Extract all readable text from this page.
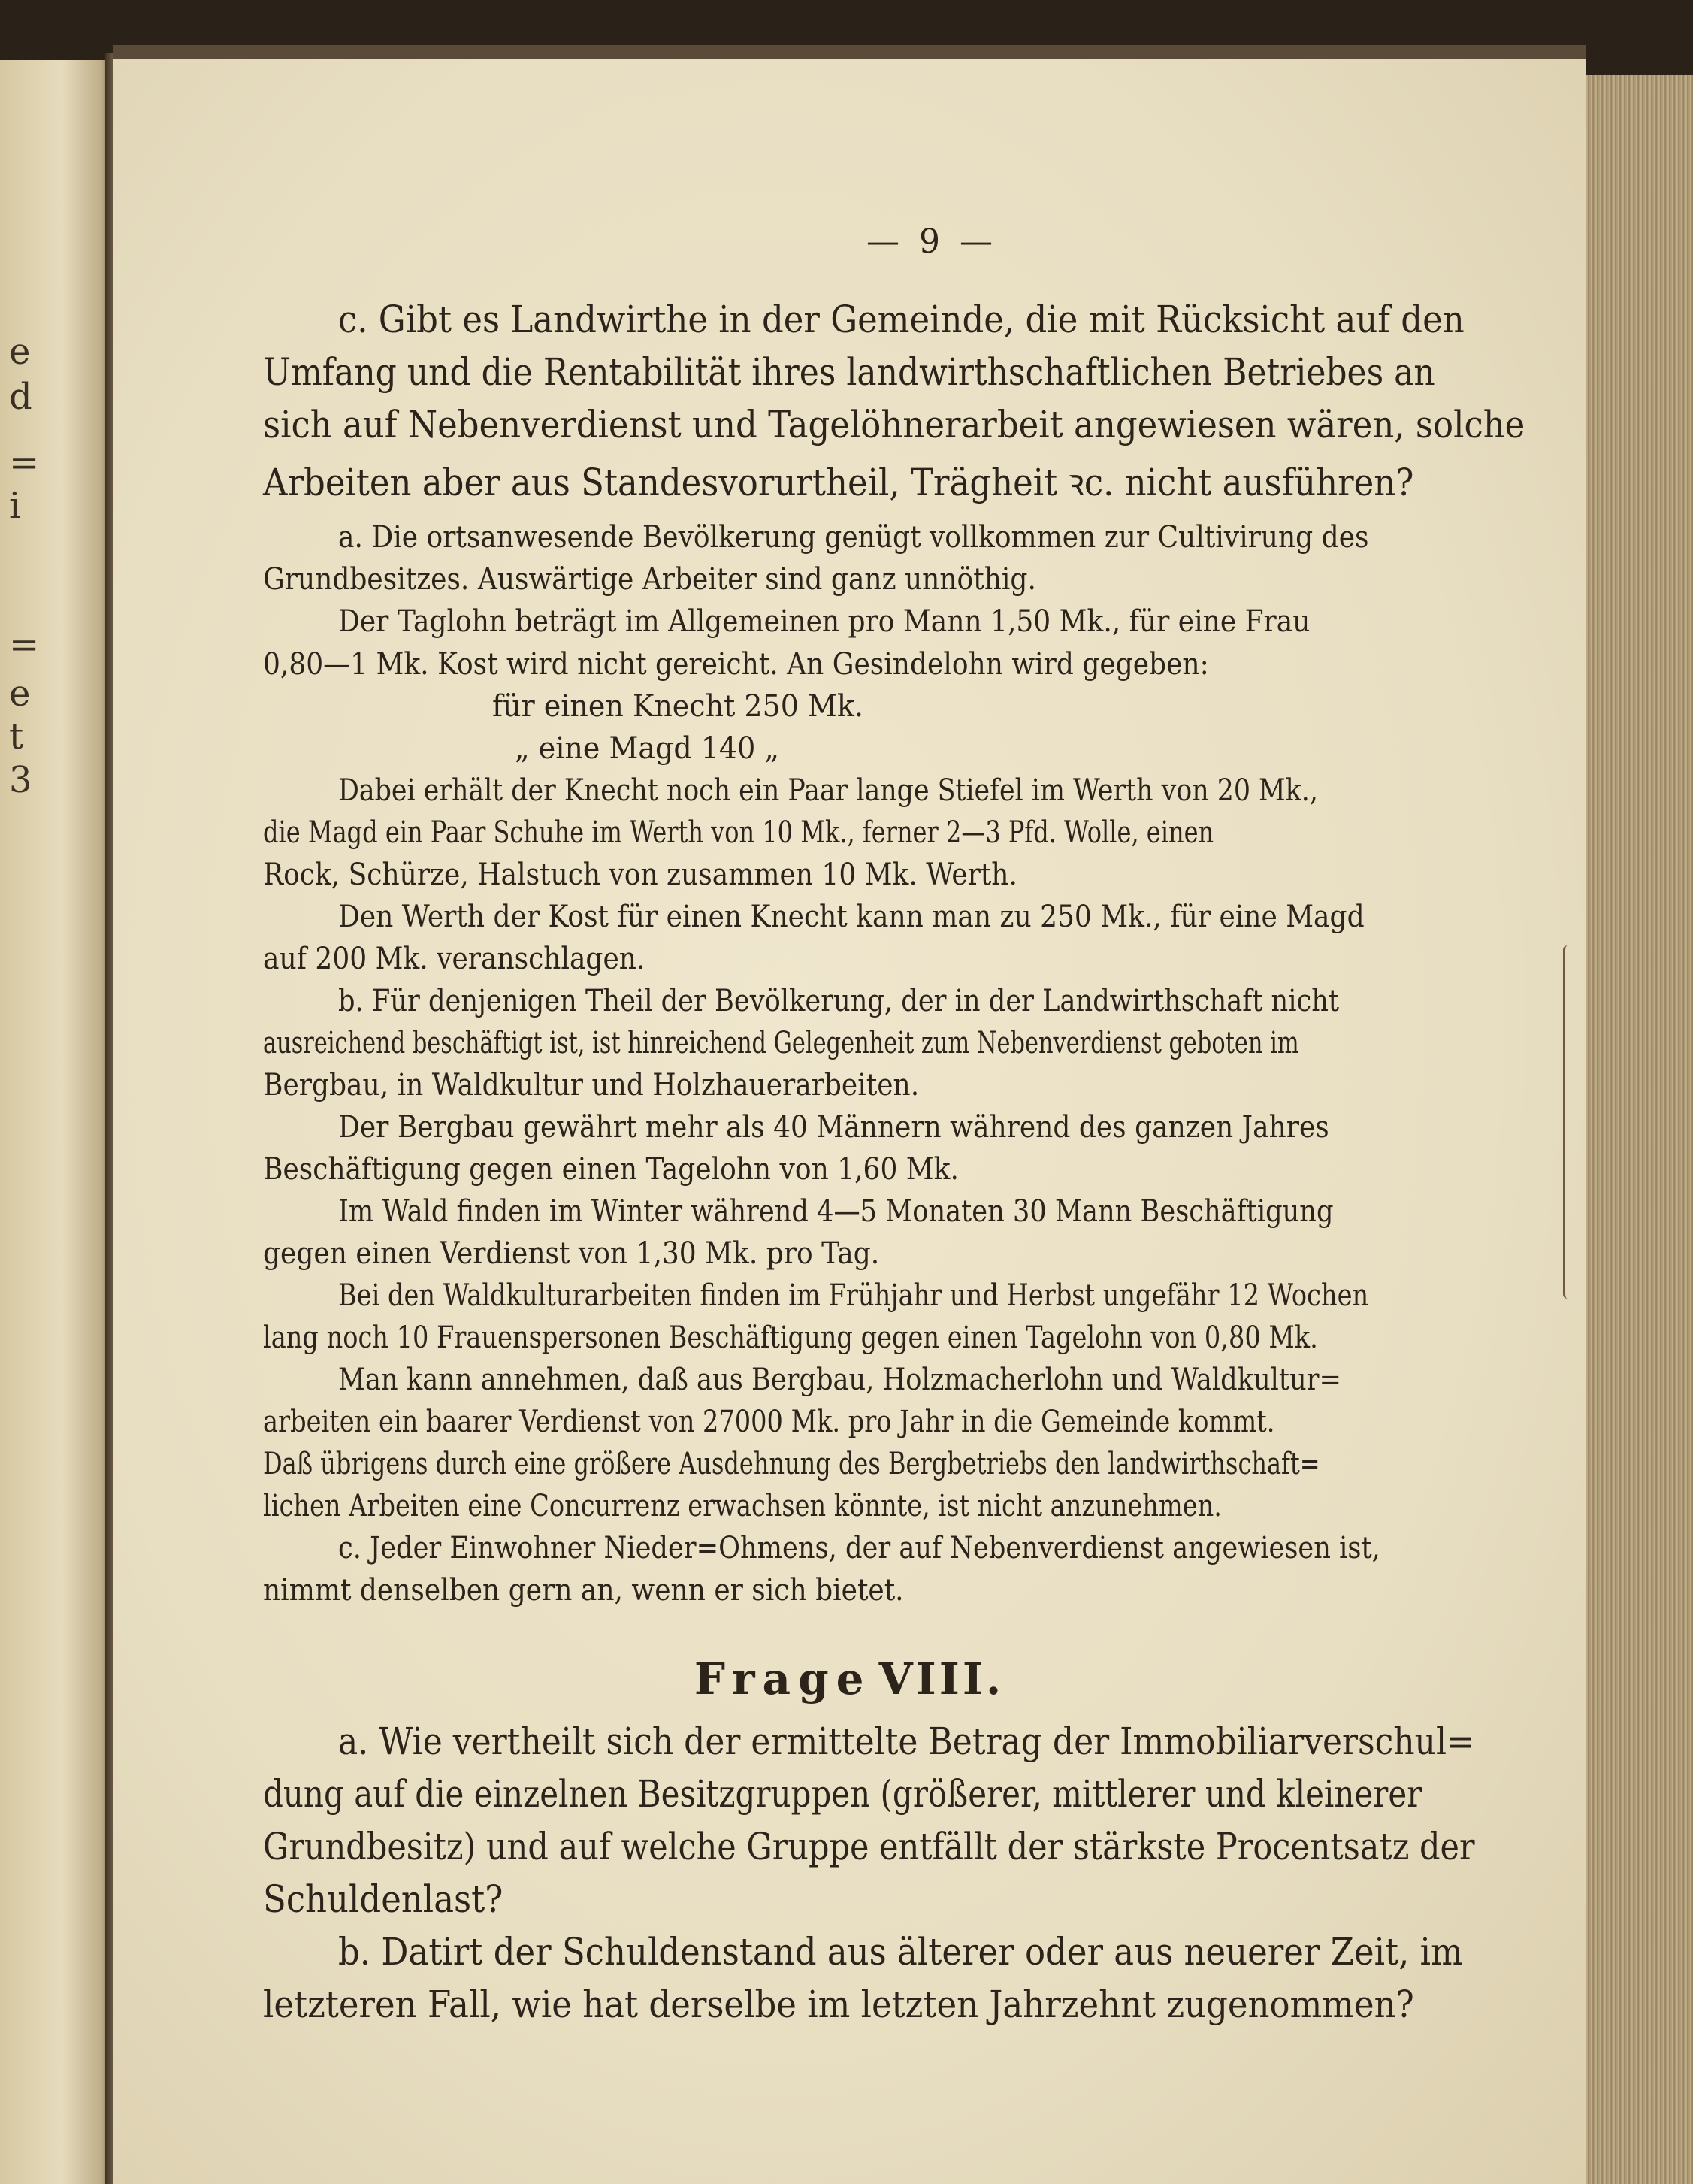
e
d
=
i
=
e
t
3
— 9 —

c. Gibt es Landwirthe in der Gemeinde, die mit Rücksicht auf den

Umfang und die Rentabilität ihres landwirthschaftlichen Betriebes an

sich auf Nebenverdienst und Tagelöhnerarbeit angewiesen wären, solche

Arbeiten aber aus Standesvorurtheil, Trägheit ꝛc. nicht ausführen?

a. Die ortsanwesende Bevölkerung genügt vollkommen zur Cultivirung des

Grundbesitzes. Auswärtige Arbeiter sind ganz unnöthig.

Der Taglohn beträgt im Allgemeinen pro Mann 1,50 Mk., für eine Frau

0,80—1 Mk. Kost wird nicht gereicht. An Gesindelohn wird gegeben:

für einen Knecht 250 Mk.

„ eine Magd 140 „

Dabei erhält der Knecht noch ein Paar lange Stiefel im Werth von 20 Mk.,

die Magd ein Paar Schuhe im Werth von 10 Mk., ferner 2—3 Pfd. Wolle, einen

Rock, Schürze, Halstuch von zusammen 10 Mk. Werth.

Den Werth der Kost für einen Knecht kann man zu 250 Mk., für eine Magd

auf 200 Mk. veranschlagen.

b. Für denjenigen Theil der Bevölkerung, der in der Landwirthschaft nicht

ausreichend beschäftigt ist, ist hinreichend Gelegenheit zum Nebenverdienst geboten im

Bergbau, in Waldkultur und Holzhauerarbeiten.

Der Bergbau gewährt mehr als 40 Männern während des ganzen Jahres

Beschäftigung gegen einen Tagelohn von 1,60 Mk.

Im Wald finden im Winter während 4—5 Monaten 30 Mann Beschäftigung

gegen einen Verdienst von 1,30 Mk. pro Tag.

Bei den Waldkulturarbeiten finden im Frühjahr und Herbst ungefähr 12 Wochen

lang noch 10 Frauenspersonen Beschäftigung gegen einen Tagelohn von 0,80 Mk.

Man kann annehmen, daß aus Bergbau, Holzmacherlohn und Waldkultur=

arbeiten ein baarer Verdienst von 27000 Mk. pro Jahr in die Gemeinde kommt.

Daß übrigens durch eine größere Ausdehnung des Bergbetriebs den landwirthschaft=

lichen Arbeiten eine Concurrenz erwachsen könnte, ist nicht anzunehmen.

c. Jeder Einwohner Nieder=Ohmens, der auf Nebenverdienst angewiesen ist,

nimmt denselben gern an, wenn er sich bietet.

Frage VIII.

a. Wie vertheilt sich der ermittelte Betrag der Immobiliarverschul=

dung auf die einzelnen Besitzgruppen (größerer, mittlerer und kleinerer

Grundbesitz) und auf welche Gruppe entfällt der stärkste Procentsatz der

Schuldenlast?

b. Datirt der Schuldenstand aus älterer oder aus neuerer Zeit, im

letzteren Fall, wie hat derselbe im letzten Jahrzehnt zugenommen?
